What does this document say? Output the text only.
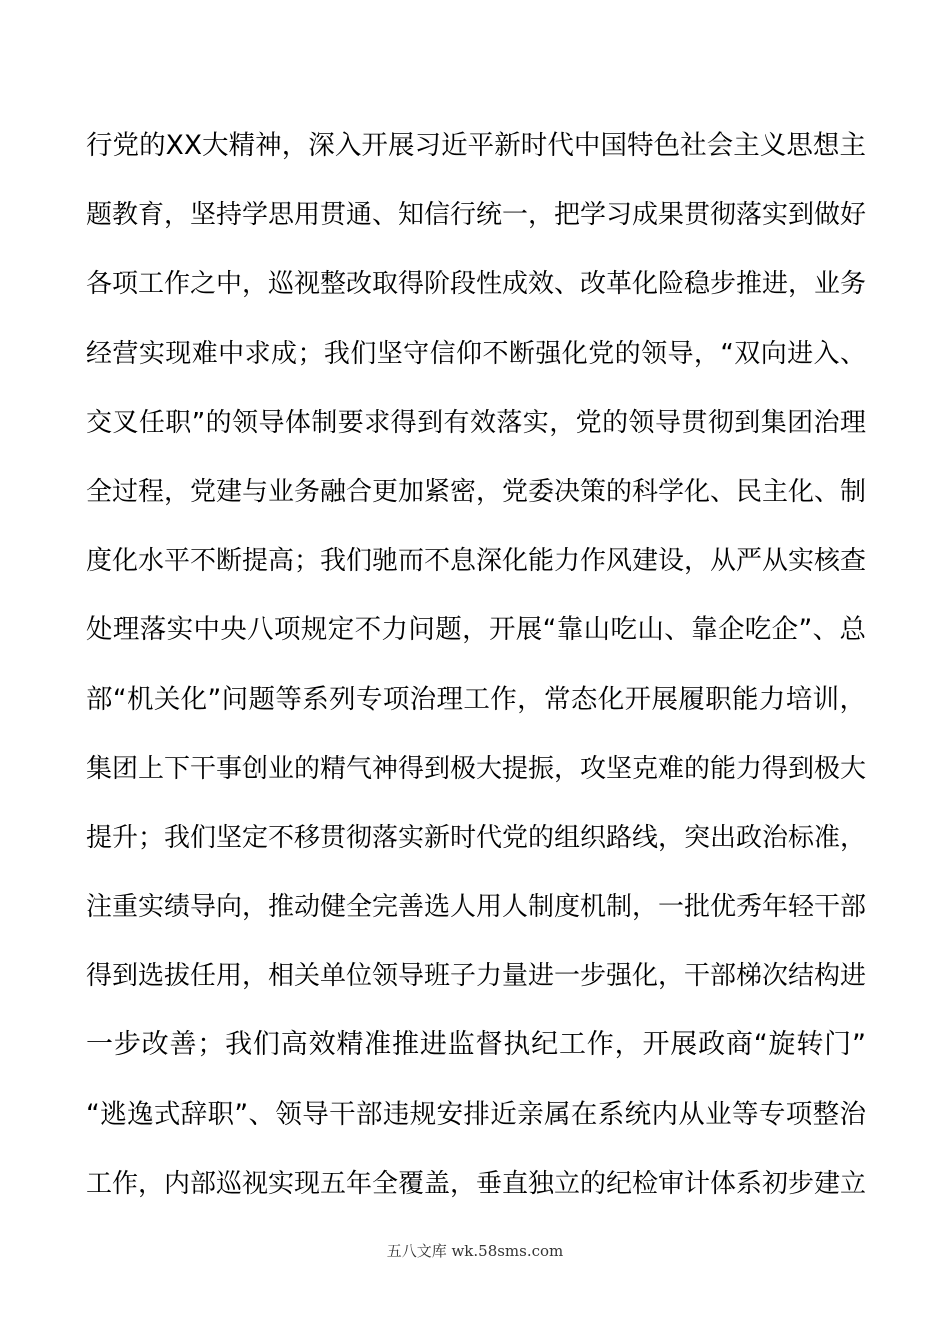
行党的XX大精神，深入开展习近平新时代中国特色社会主义思想主
题教育，坚持学思用贯通、知信行统一，把学习成果贯彻落实到做好
各项工作之中，巡视整改取得阶段性成效、改革化险稳步推进，业务
经营实现难中求成；我们坚守信仰不断强化党的领导，“双向进入、
交叉任职”的领导体制要求得到有效落实，党的领导贯彻到集团治理
全过程，党建与业务融合更加紧密，党委决策的科学化、民主化、制
度化水平不断提高；我们驰而不息深化能力作风建设，从严从实核查
处理落实中央八项规定不力问题，开展“靠山吃山、靠企吃企”、总
部“机关化”问题等系列专项治理工作，常态化开展履职能力培训，
集团上下干事创业的精气神得到极大提振，攻坚克难的能力得到极大
提升；我们坚定不移贯彻落实新时代党的组织路线，突出政治标准，
注重实绩导向，推动健全完善选人用人制度机制，一批优秀年轻干部
得到选拔任用，相关单位领导班子力量进一步强化，干部梯次结构进
一步改善；我们高效精准推进监督执纪工作，开展政商“旋转门”
“逃逸式辞职”、领导干部违规安排近亲属在系统内从业等专项整治
工作，内部巡视实现五年全覆盖，垂直独立的纪检审计体系初步建立
五八文库 wk.58sms.com
